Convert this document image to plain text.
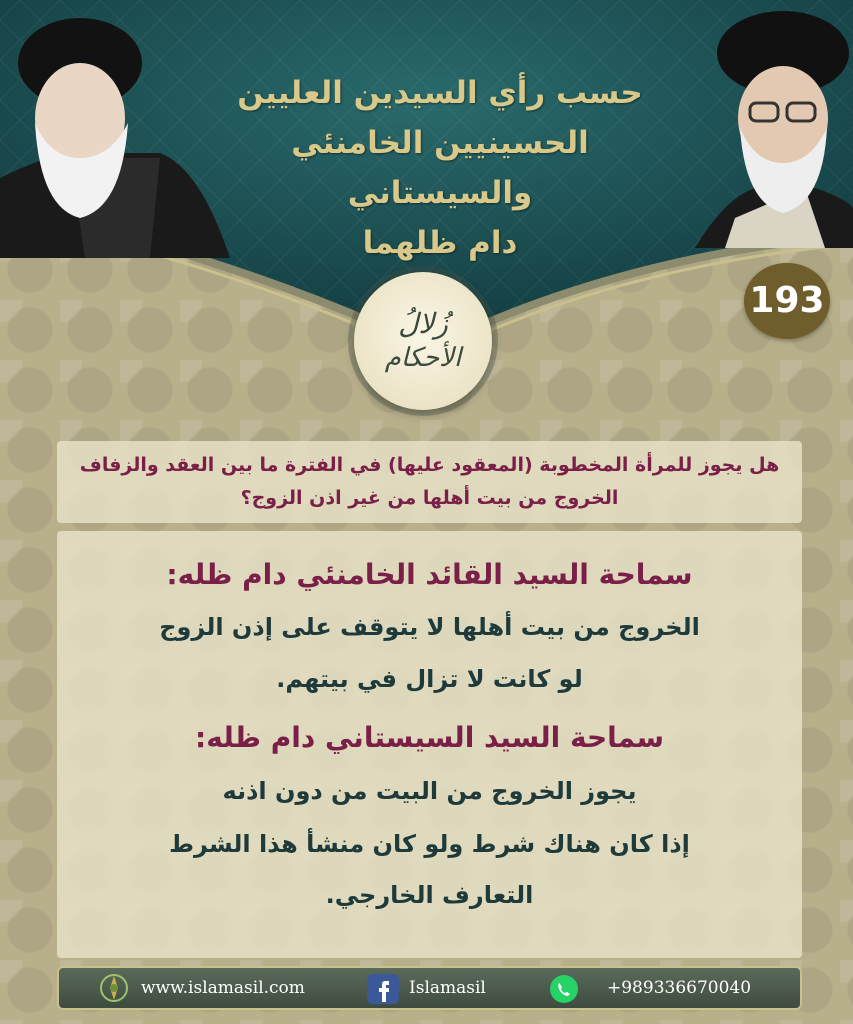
حسب رأي السيدين العليين
الحسينيين الخامنئي والسيستاني
دام ظلهما
زُلالُ
الأحكام
193
هل يجوز للمرأة المخطوبة (المعقود عليها) في الفترة ما بين العقد والزفاف
الخروج من بيت أهلها من غير اذن الزوج؟
سماحة السيد القائد الخامنئي دام ظله:
الخروج من بيت أهلها لا يتوقف على إذن الزوج
لو كانت لا تزال في بيتهم.
سماحة السيد السيستاني دام ظله:
يجوز الخروج من البيت من دون اذنه
إذا كان هناك شرط ولو كان منشأ هذا الشرط
التعارف الخارجي.
www.islamasil.com	Islamasil	+989336670040
